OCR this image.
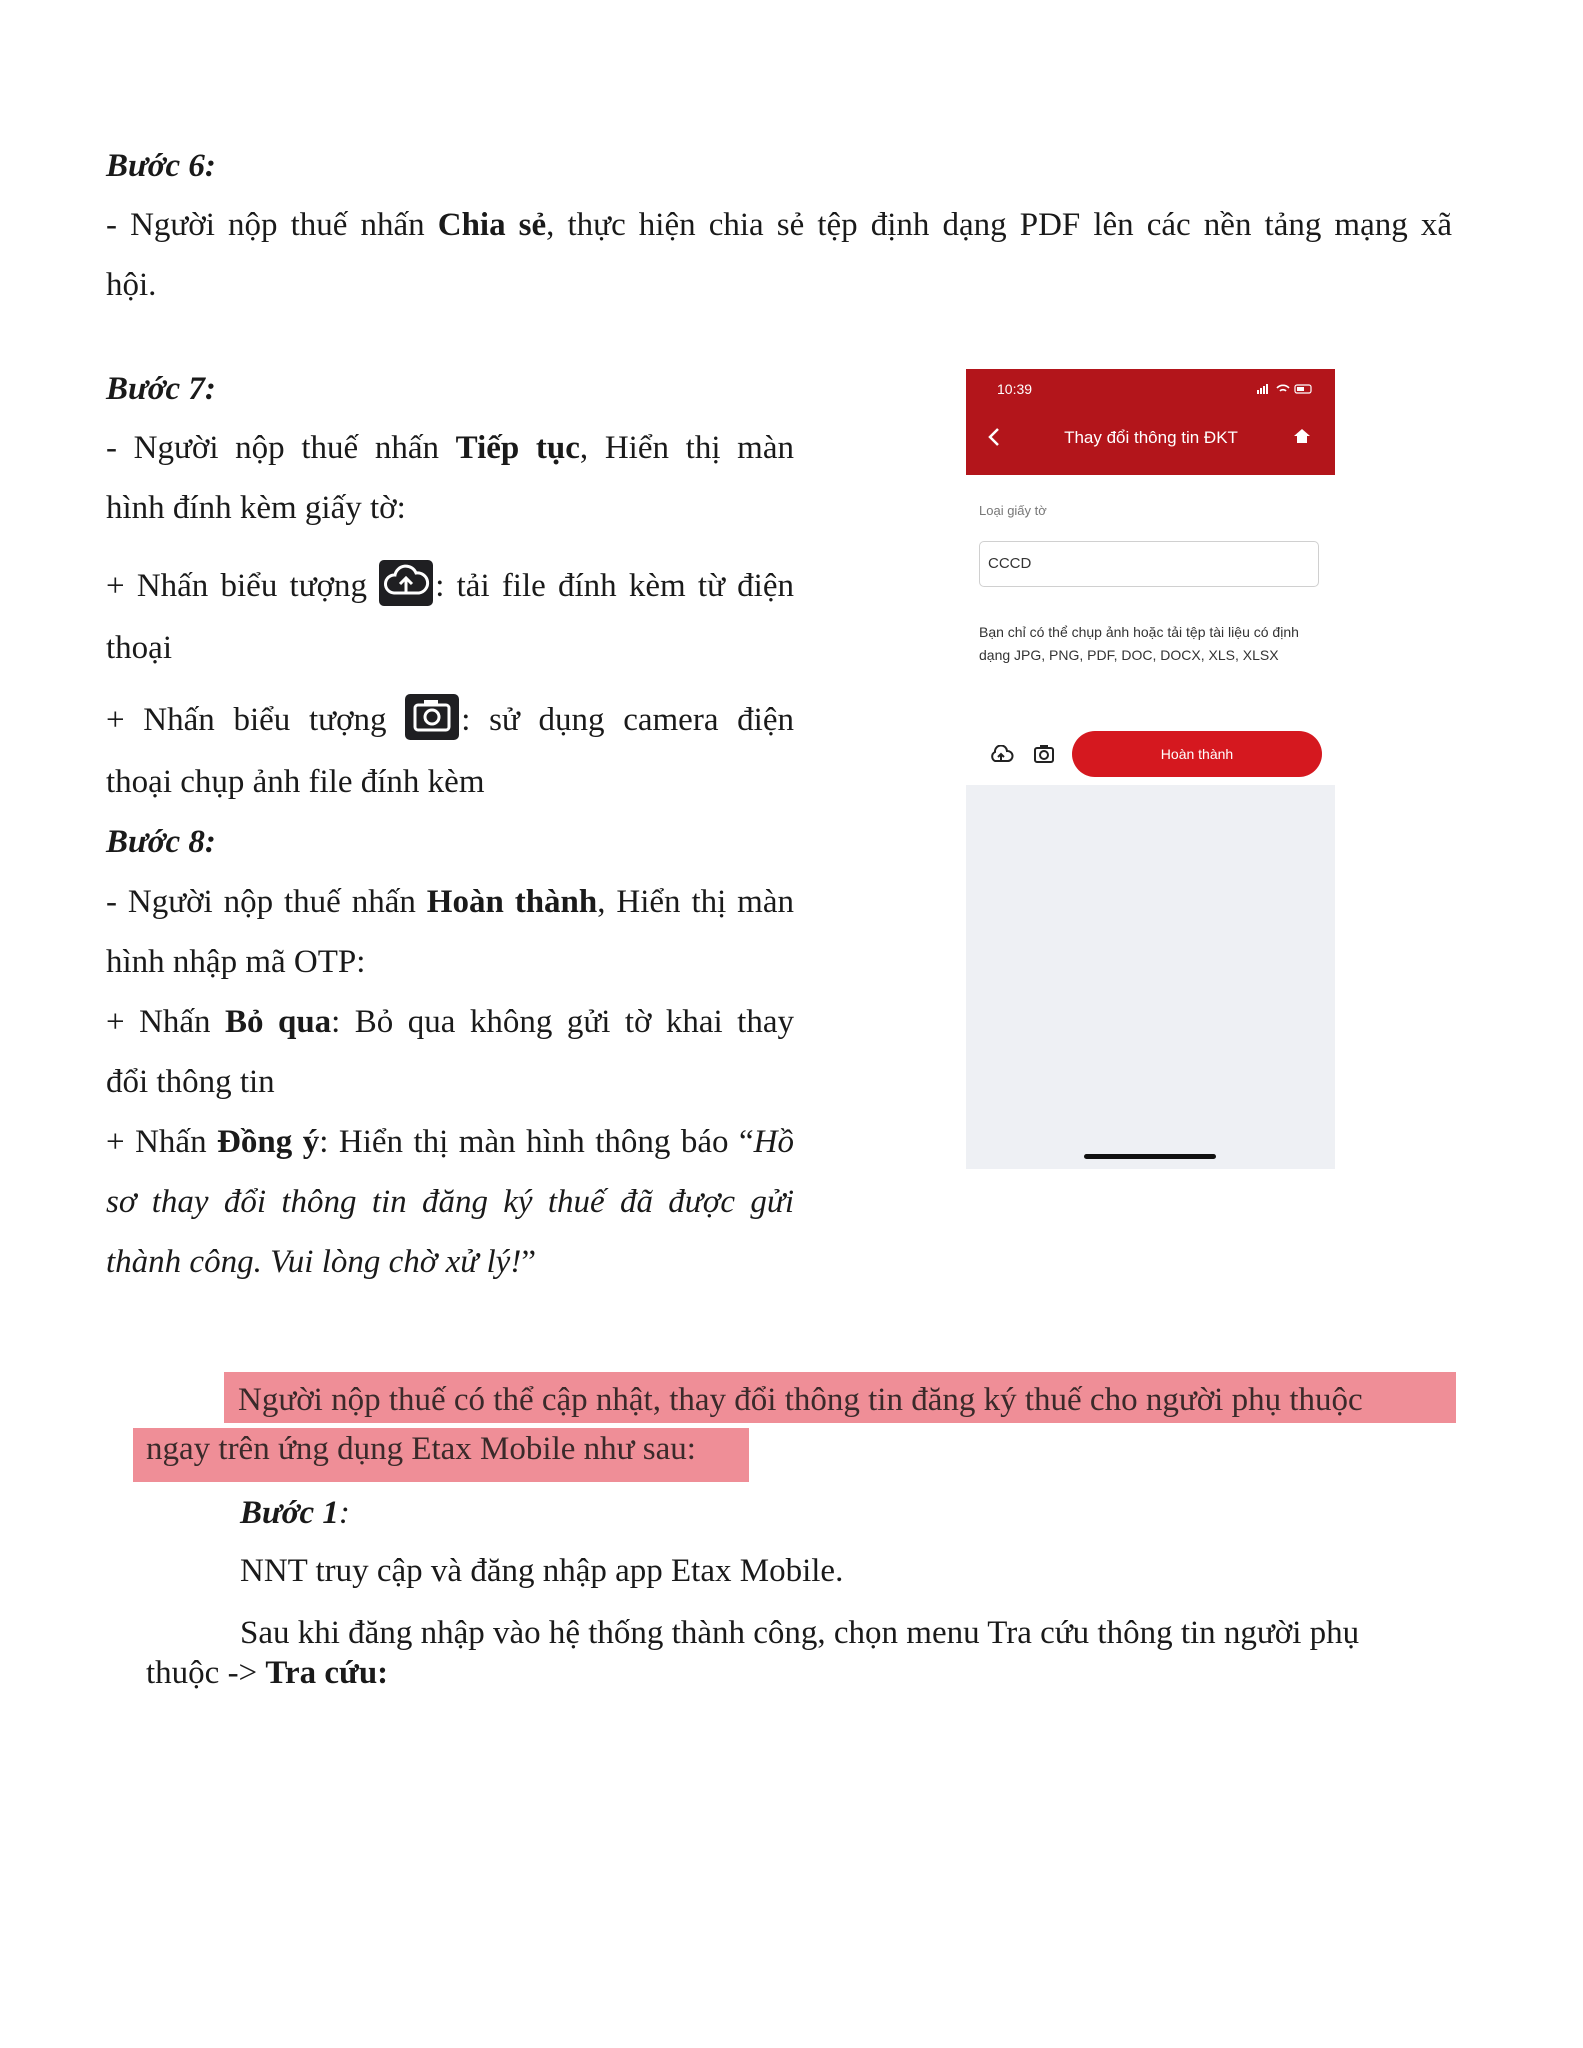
Bước 6:
- Người nộp thuế nhấn Chia sẻ, thực hiện chia sẻ tệp định dạng PDF lên các nền tảng mạng xã
hội.
Bước 7:
- Người nộp thuế nhấn Tiếp tục, Hiển thị màn
hình đính kèm giấy tờ:
+ Nhấn biểu tượng : tải file đính kèm từ điện
thoại
+ Nhấn biểu tượng : sử dụng camera điện
thoại chụp ảnh file đính kèm
Bước 8:
- Người nộp thuế nhấn Hoàn thành, Hiển thị màn
hình nhập mã OTP:
+ Nhấn Bỏ qua: Bỏ qua không gửi tờ khai thay
đổi thông tin
+ Nhấn Đồng ý: Hiển thị màn hình thông báo “Hồ
sơ thay đổi thông tin đăng ký thuế đã được gửi
thành công. Vui lòng chờ xử lý!”
10:39
Thay đổi thông tin ĐKT
Loại giấy tờ
CCCD
Bạn chỉ có thể chụp ảnh hoặc tải tệp tài liệu có định dạng JPG, PNG, PDF, DOC, DOCX, XLS, XLSX
Hoàn thành
Người nộp thuế có thể cập nhật, thay đổi thông tin đăng ký thuế cho người phụ thuộc
ngay trên ứng dụng Etax Mobile như sau:
Bước 1:
NNT truy cập và đăng nhập app Etax Mobile.
Sau khi đăng nhập vào hệ thống thành công, chọn menu Tra cứu thông tin người phụ
thuộc -> Tra cứu:
